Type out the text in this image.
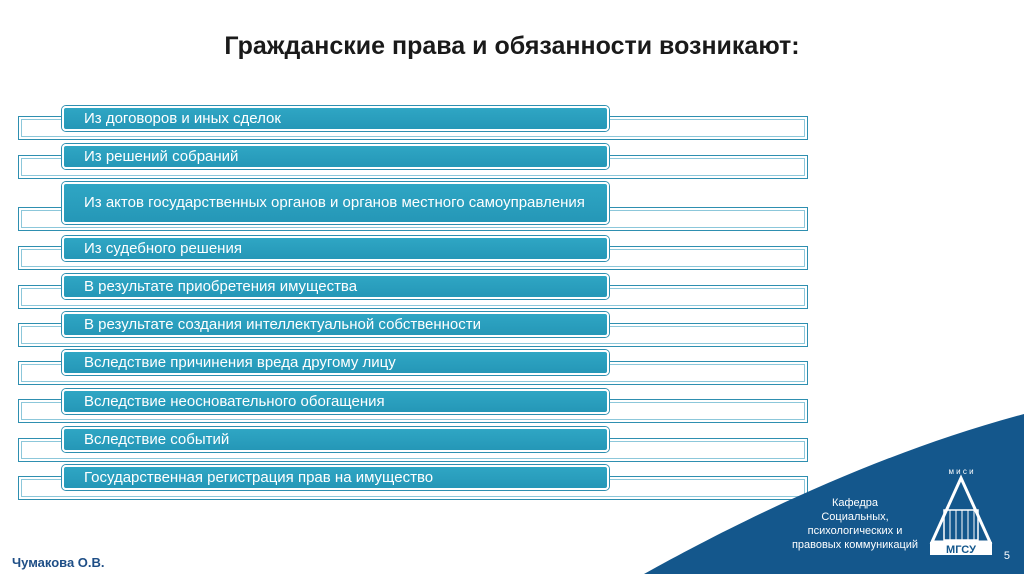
Гражданские права и обязанности возникают:
Из договоров и иных сделок
Из решений собраний
Из актов государственных органов и органов местного самоуправления
Из судебного решения
В результате приобретения имущества
В результате создания интеллектуальной собственности
Вследствие причинения вреда другому лицу
Вследствие неосновательного обогащения
Вследствие событий
Государственная регистрация прав на имущество
Кафедра
Социальных,
психологических и
правовых коммуникаций
м и с и
МГСУ	5
Чумакова О.В.
